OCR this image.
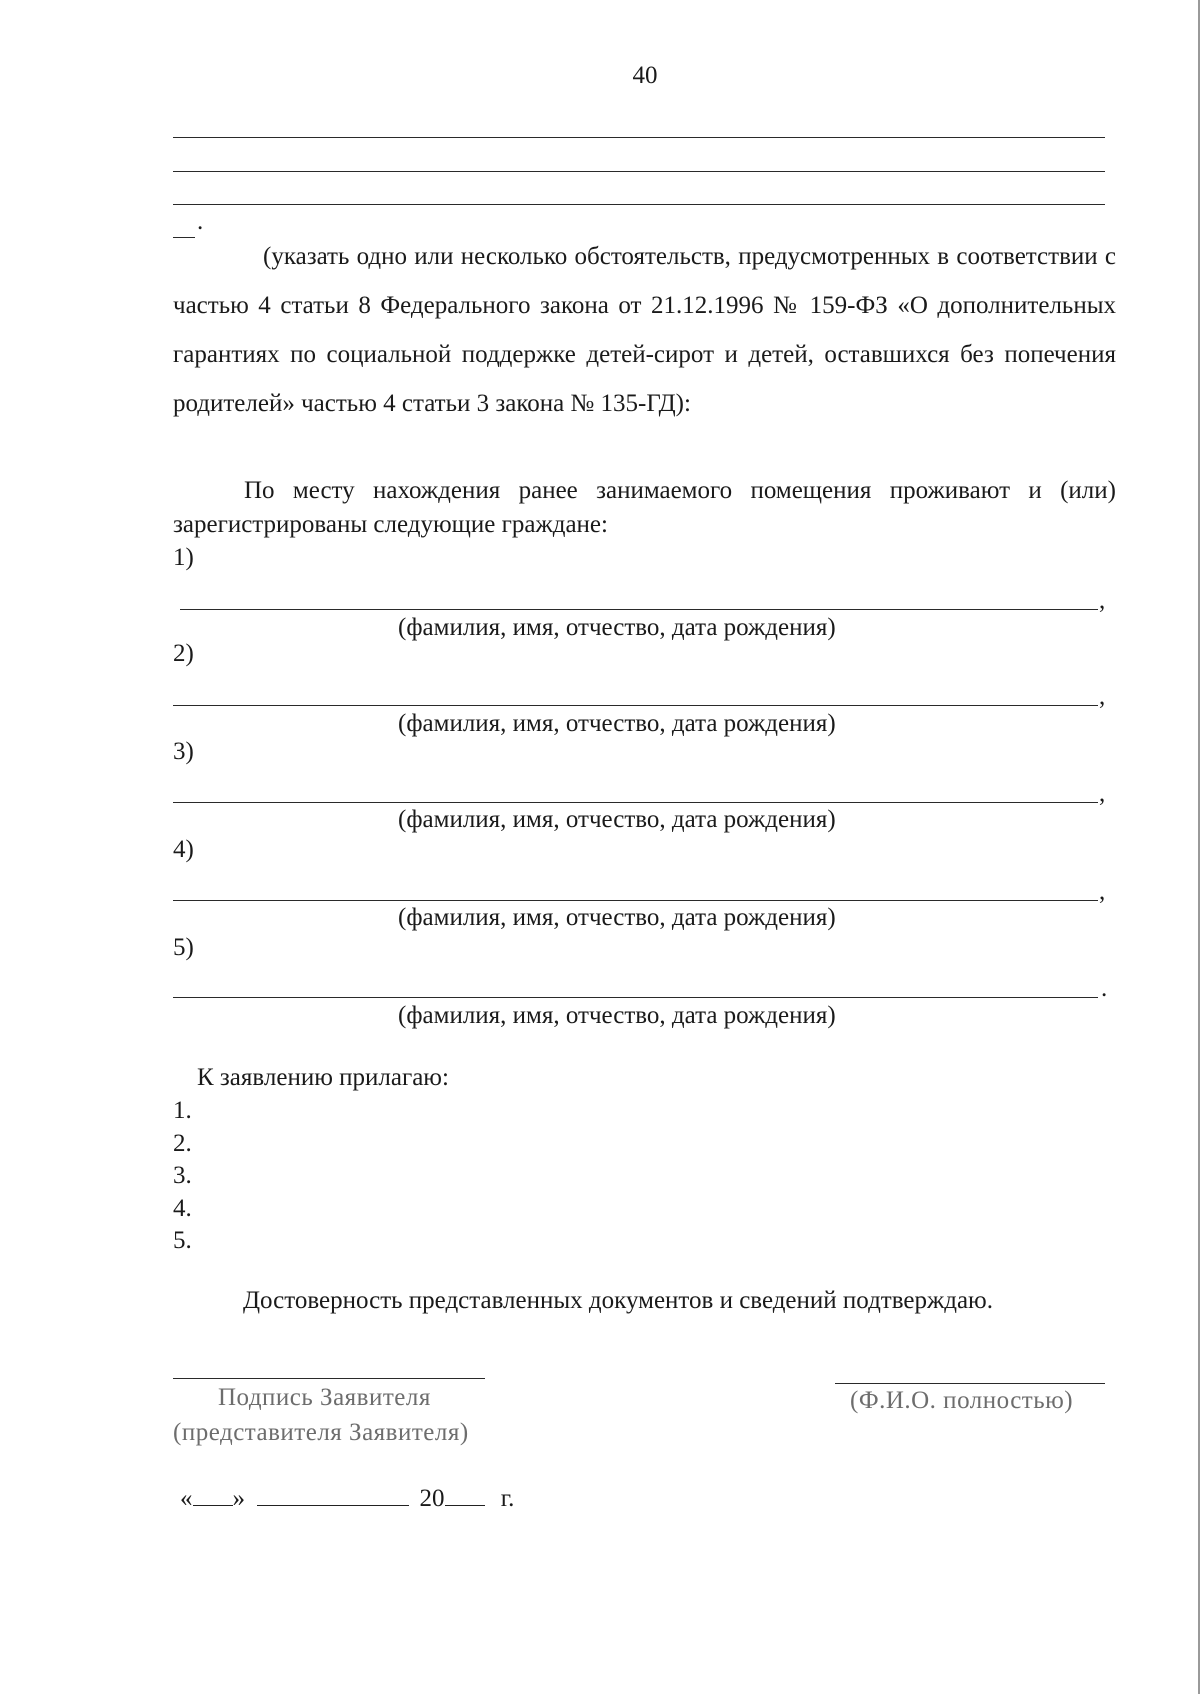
40
.
(указать одно или несколько обстоятельств, предусмотренных в соответствии с частью 4 статьи 8 Федерального закона от 21.12.1996 № 159-ФЗ «О дополнительных гарантиях по социальной поддержке детей-сирот и детей, оставшихся без попечения родителей» частью 4 статьи 3 закона № 135-ГД):
По месту нахождения ранее занимаемого помещения проживают и (или) зарегистрированы следующие граждане:
1)
,
(фамилия, имя, отчество, дата рождения)
2)
,
(фамилия, имя, отчество, дата рождения)
3)
,
(фамилия, имя, отчество, дата рождения)
4)
,
(фамилия, имя, отчество, дата рождения)
5)
.
(фамилия, имя, отчество, дата рождения)
К заявлению прилагаю:
1.
2.
3.
4.
5.
Достоверность представленных документов и сведений подтверждаю.
Подпись Заявителя
(представителя Заявителя)
(Ф.И.О. полностью)
« »	20 г.
